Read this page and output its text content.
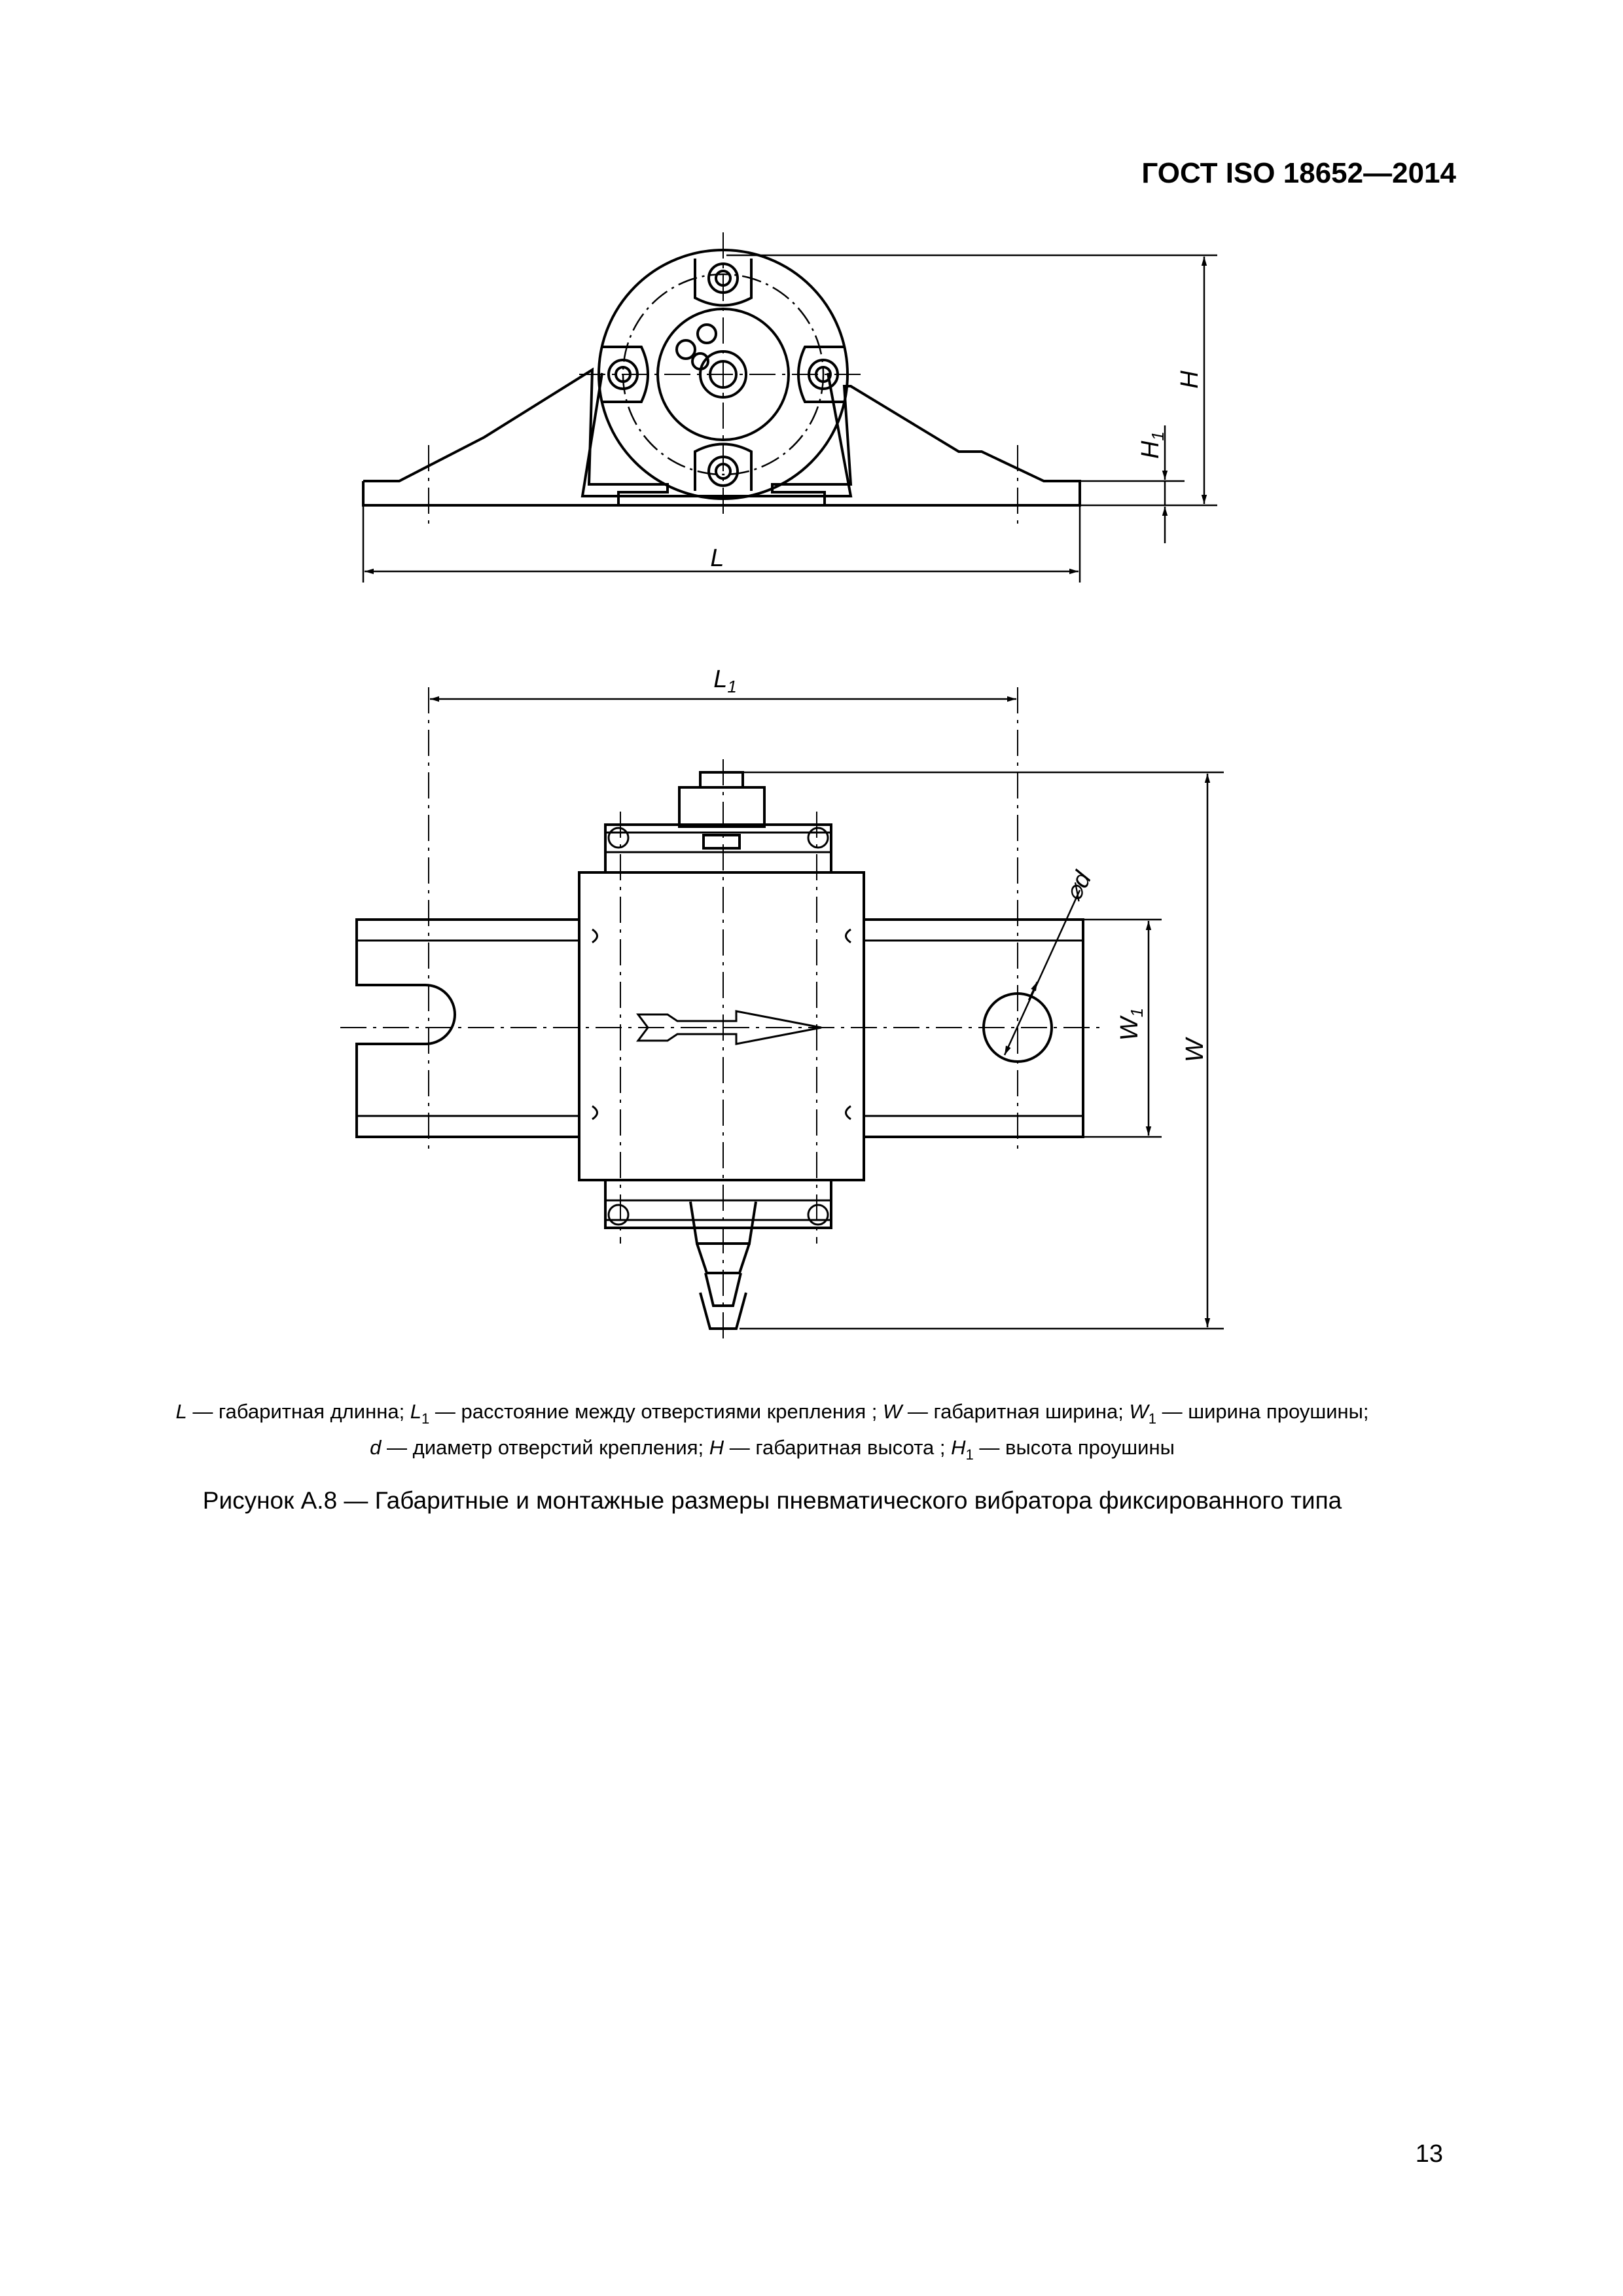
ГОСТ ISO 18652—2014
L
H
$H_1$
$L_1$
W
$W_1$
⌀d
L — габаритная длинна; $L_1$ — расстояние между отверстиями крепления ; W — габаритная ширина; $W_1$ — ширина проушины;
d — диаметр отверстий крепления; H — габаритная высота ; $H_1$ — высота проушины
Рисунок А.8 — Габаритные и монтажные размеры пневматического вибратора фиксированного типа
13
